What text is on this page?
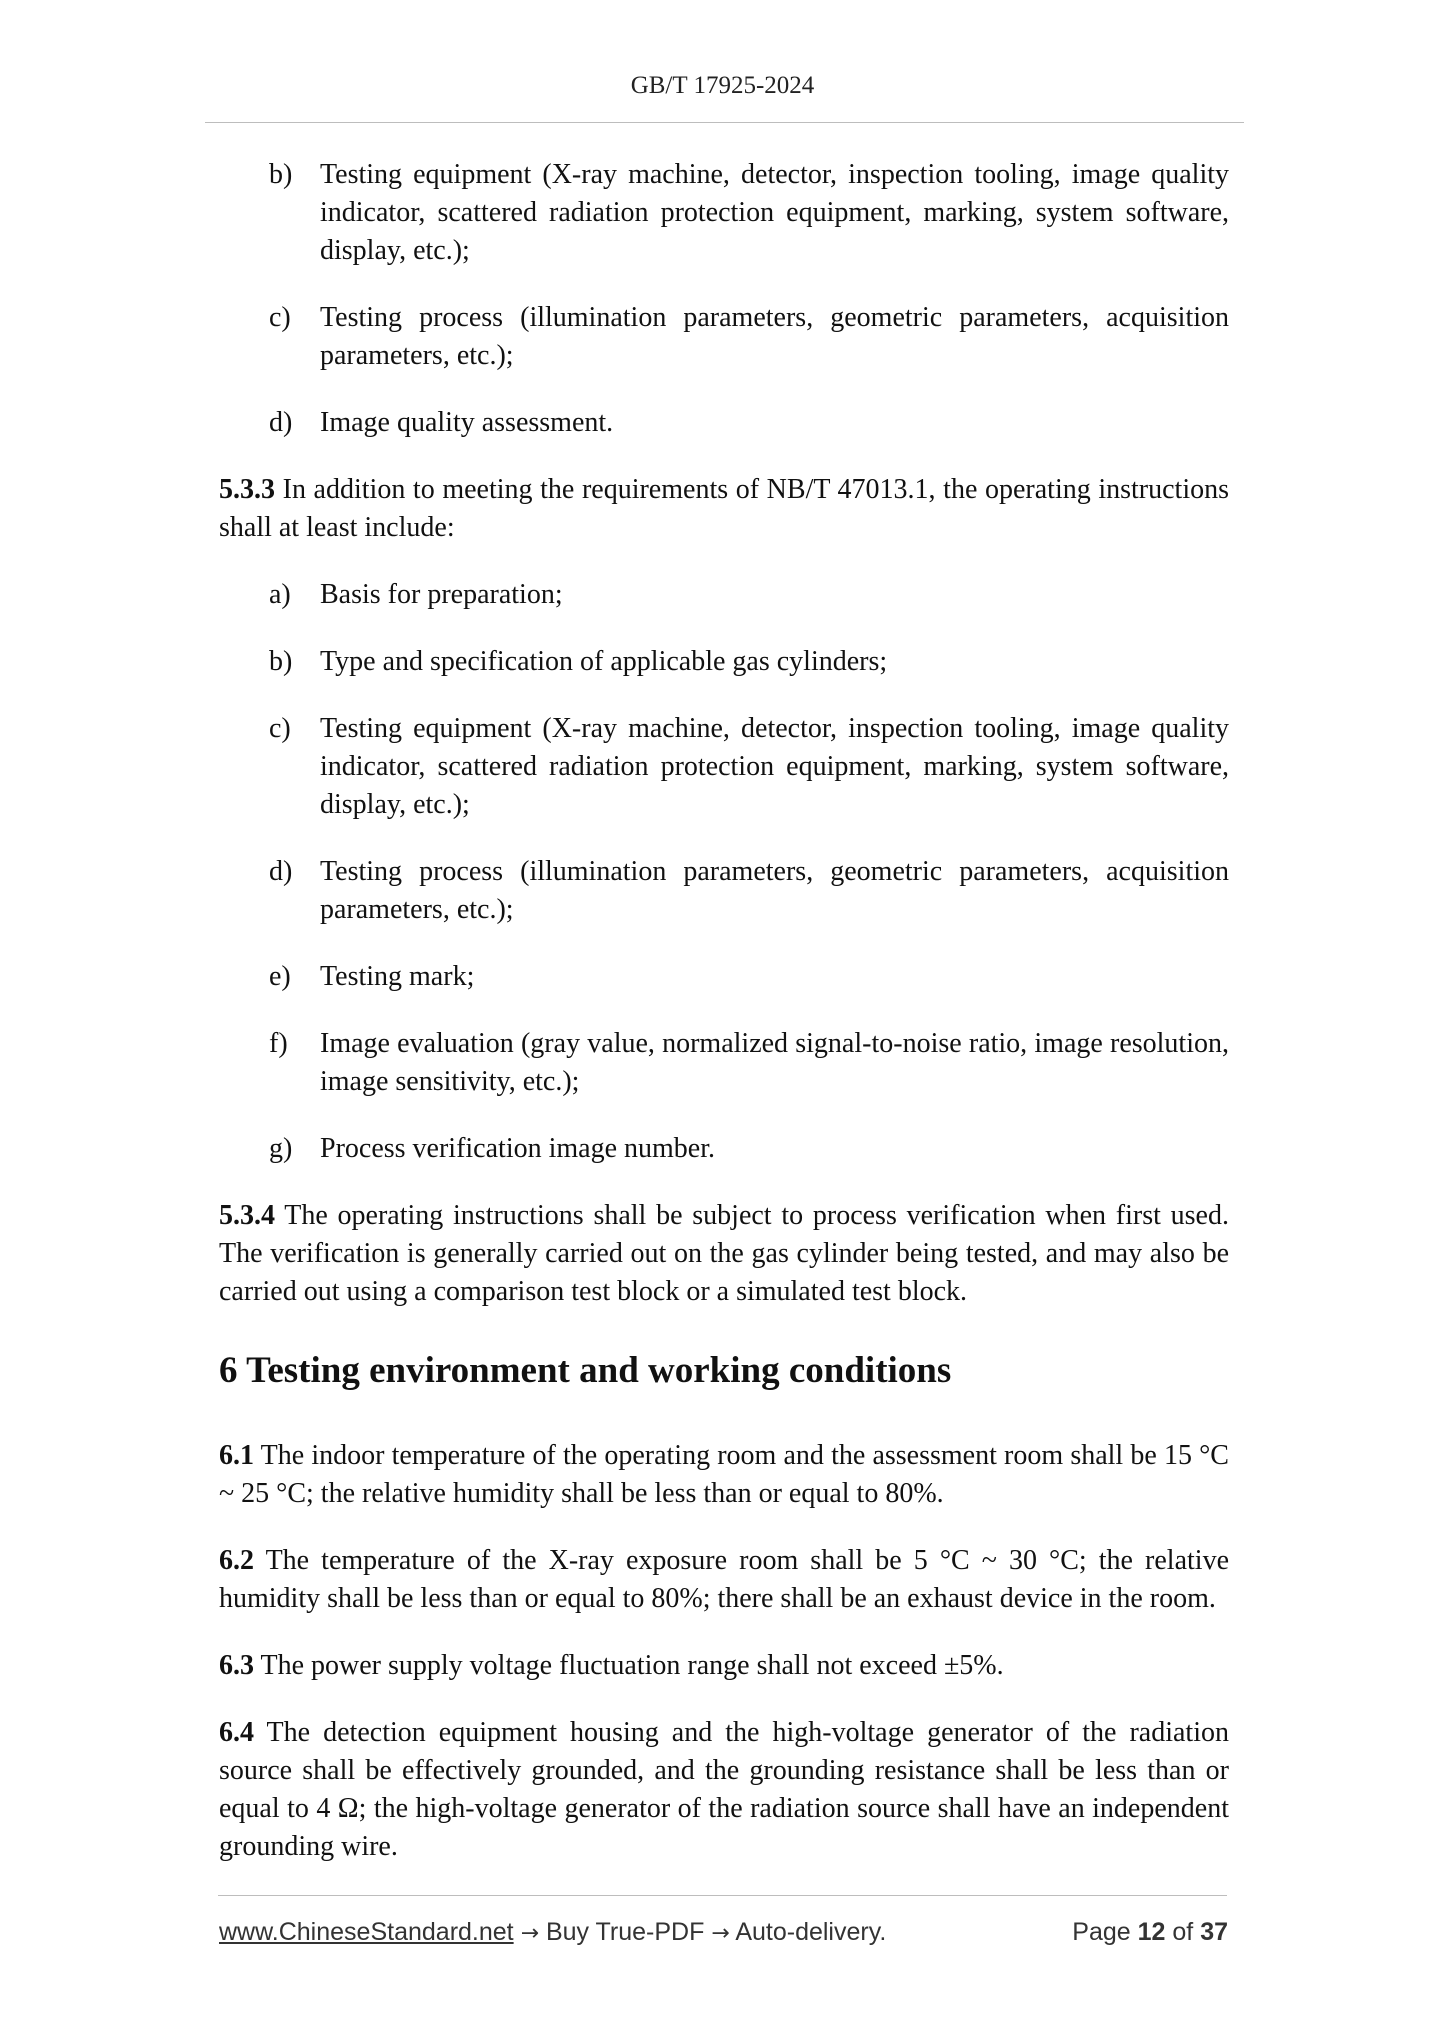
GB/T 17925-2024
b) Testing equipment (X-ray machine, detector, inspection tooling, image quality indicator, scattered radiation protection equipment, marking, system software, display, etc.);
c)	Testing process (illumination parameters, geometric parameters, acquisition parameters, etc.);
d) Image quality assessment.

5.3.3 In addition to meeting the requirements of NB/T 47013.1, the operating instructions shall at least include:

a)	Basis for preparation;
b) Type and specification of applicable gas cylinders;
c)	Testing equipment (X-ray machine, detector, inspection tooling, image quality indicator, scattered radiation protection equipment, marking, system software, display, etc.);
d) Testing process (illumination parameters, geometric parameters, acquisition parameters, etc.);
e)	Testing mark;
f)	Image evaluation (gray value, normalized signal-to-noise ratio, image resolution, image sensitivity, etc.);
g) Process verification image number.

5.3.4 The operating instructions shall be subject to process verification when first used. The verification is generally carried out on the gas cylinder being tested, and may also be carried out using a comparison test block or a simulated test block.

6 Testing environment and working conditions

6.1 The indoor temperature of the operating room and the assessment room shall be 15 °C ~ 25 °C; the relative humidity shall be less than or equal to 80%.

6.2 The temperature of the X-ray exposure room shall be 5 °C ~ 30 °C; the relative humidity shall be less than or equal to 80%; there shall be an exhaust device in the room.

6.3 The power supply voltage fluctuation range shall not exceed ±5%.

6.4 The detection equipment housing and the high-voltage generator of the radiation source shall be effectively grounded, and the grounding resistance shall be less than or equal to 4 Ω; the high-voltage generator of the radiation source shall have an independent grounding wire.

www.ChineseStandard.net → Buy True-PDF → Auto-delivery.	Page 12 of 37
